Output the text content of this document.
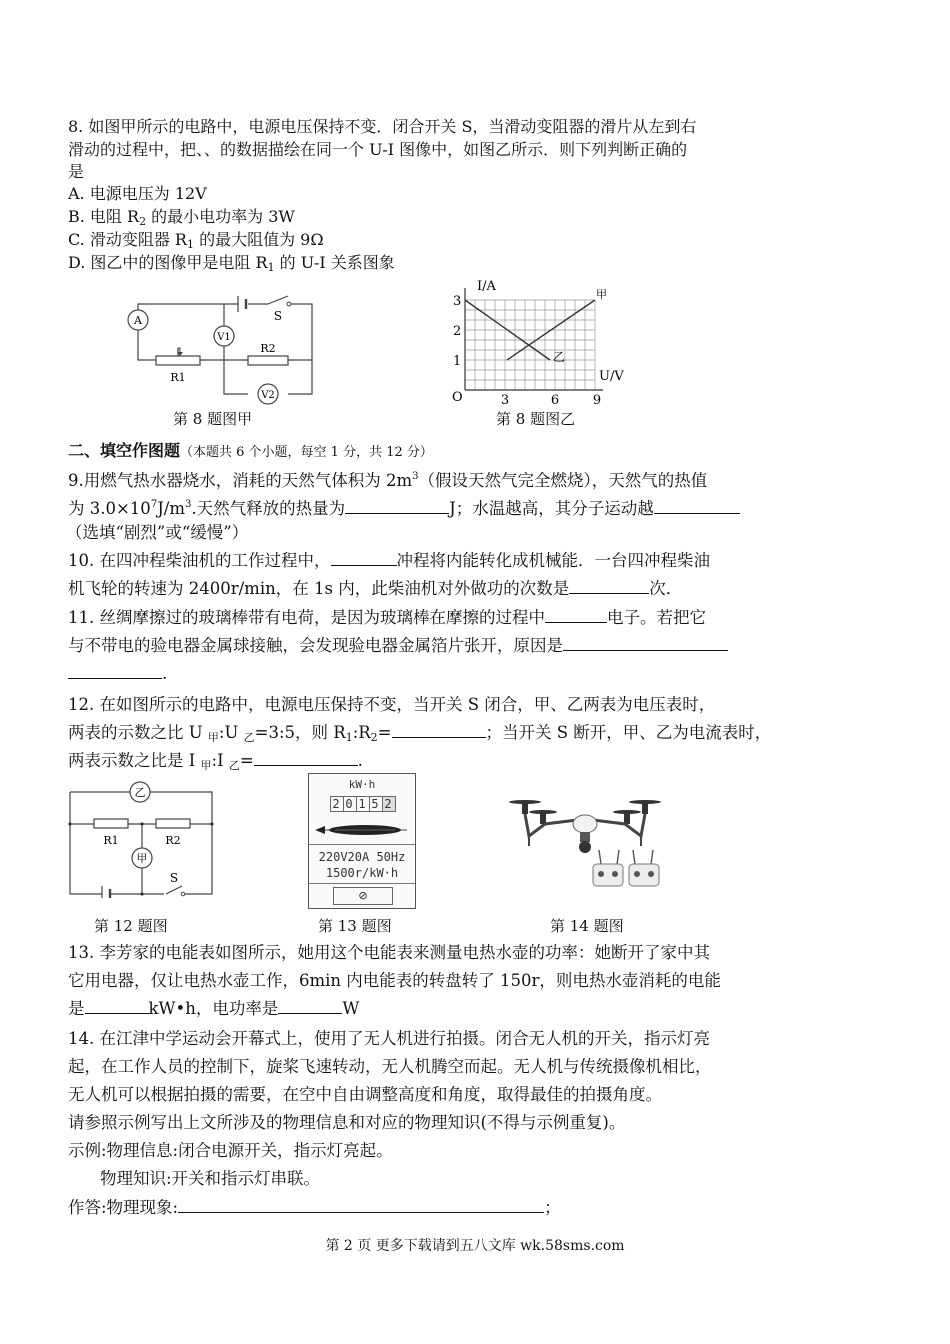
8. 如图甲所示的电路中，电源电压保持不变．闭合开关 S，当滑动变阻器的滑片从左到右
滑动的过程中，把、、的数据描绘在同一个 U-I 图像中，如图乙所示．则下列判断正确的
是
A. 电源电压为 12V
B. 电阻 $R_2$ 的最小电功率为 3W
C. 滑动变阻器 $R_1$ 的最大阻值为 9Ω
D. 图乙中的图像甲是电阻 $R_1$ 的 U-I 关系图象
A
V1
V2
R1
R2
S
I/A
U/V
O
3
2
1
3	6	9
甲
乙
第 8 题图甲	第 8 题图乙
二、填空作图题（本题共 6 个小题，每空 1 分，共 12 分）
9.用燃气热水器烧水，消耗的天然气体积为 $2m^3$（假设天然气完全燃烧），天然气的热值
为 $3.0\times 10^7J/m^3$.天然气释放的热量为	J；水温越高，其分子运动越
（选填“剧烈”或“缓慢”）
10. 在四冲程柴油机的工作过程中，	冲程将内能转化成机械能．一台四冲程柴油
机飞轮的转速为 2400r/min，在 1s 内，此柴油机对外做功的次数是	次．
11. 丝绸摩擦过的玻璃棒带有电荷，是因为玻璃棒在摩擦的过程中	电子。若把它
与不带电的验电器金属球接触，会发现验电器金属箔片张开，原因是
.
12. 在如图所示的电路中，电源电压保持不变，当开关 S 闭合，甲、乙两表为电压表时，
两表的示数之比 U $_甲$:U $_乙$=3:5，则 $R_1:R_2=$	；当开关 S 断开，甲、乙为电流表时，
两表示数之比是 I $_甲$:I $_乙$=	.
乙
甲
R1	R2
S
kW·h
2 0 1 5 2
220V20A 50Hz
1500r/kW·h
⊘
第 12 题图	第 13 题图	第 14 题图
13. 李芳家的电能表如图所示，她用这个电能表来测量电热水壶的功率：她断开了家中其
它用电器，仅让电热水壶工作，6min 内电能表的转盘转了 150r，则电热水壶消耗的电能
是	kW•h，电功率是	W
14. 在江津中学运动会开幕式上，使用了无人机进行拍摄。闭合无人机的开关，指示灯亮
起，在工作人员的控制下，旋桨飞速转动，无人机腾空而起。无人机与传统摄像机相比，
无人机可以根据拍摄的需要，在空中自由调整高度和角度，取得最佳的拍摄角度。
请参照示例写出上文所涉及的物理信息和对应的物理知识(不得与示例重复)。
示例:物理信息:闭合电源开关，指示灯亮起。
物理知识:开关和指示灯串联。
作答:物理现象:	；
第 2 页 更多下载请到五八文库 wk.58sms.com
